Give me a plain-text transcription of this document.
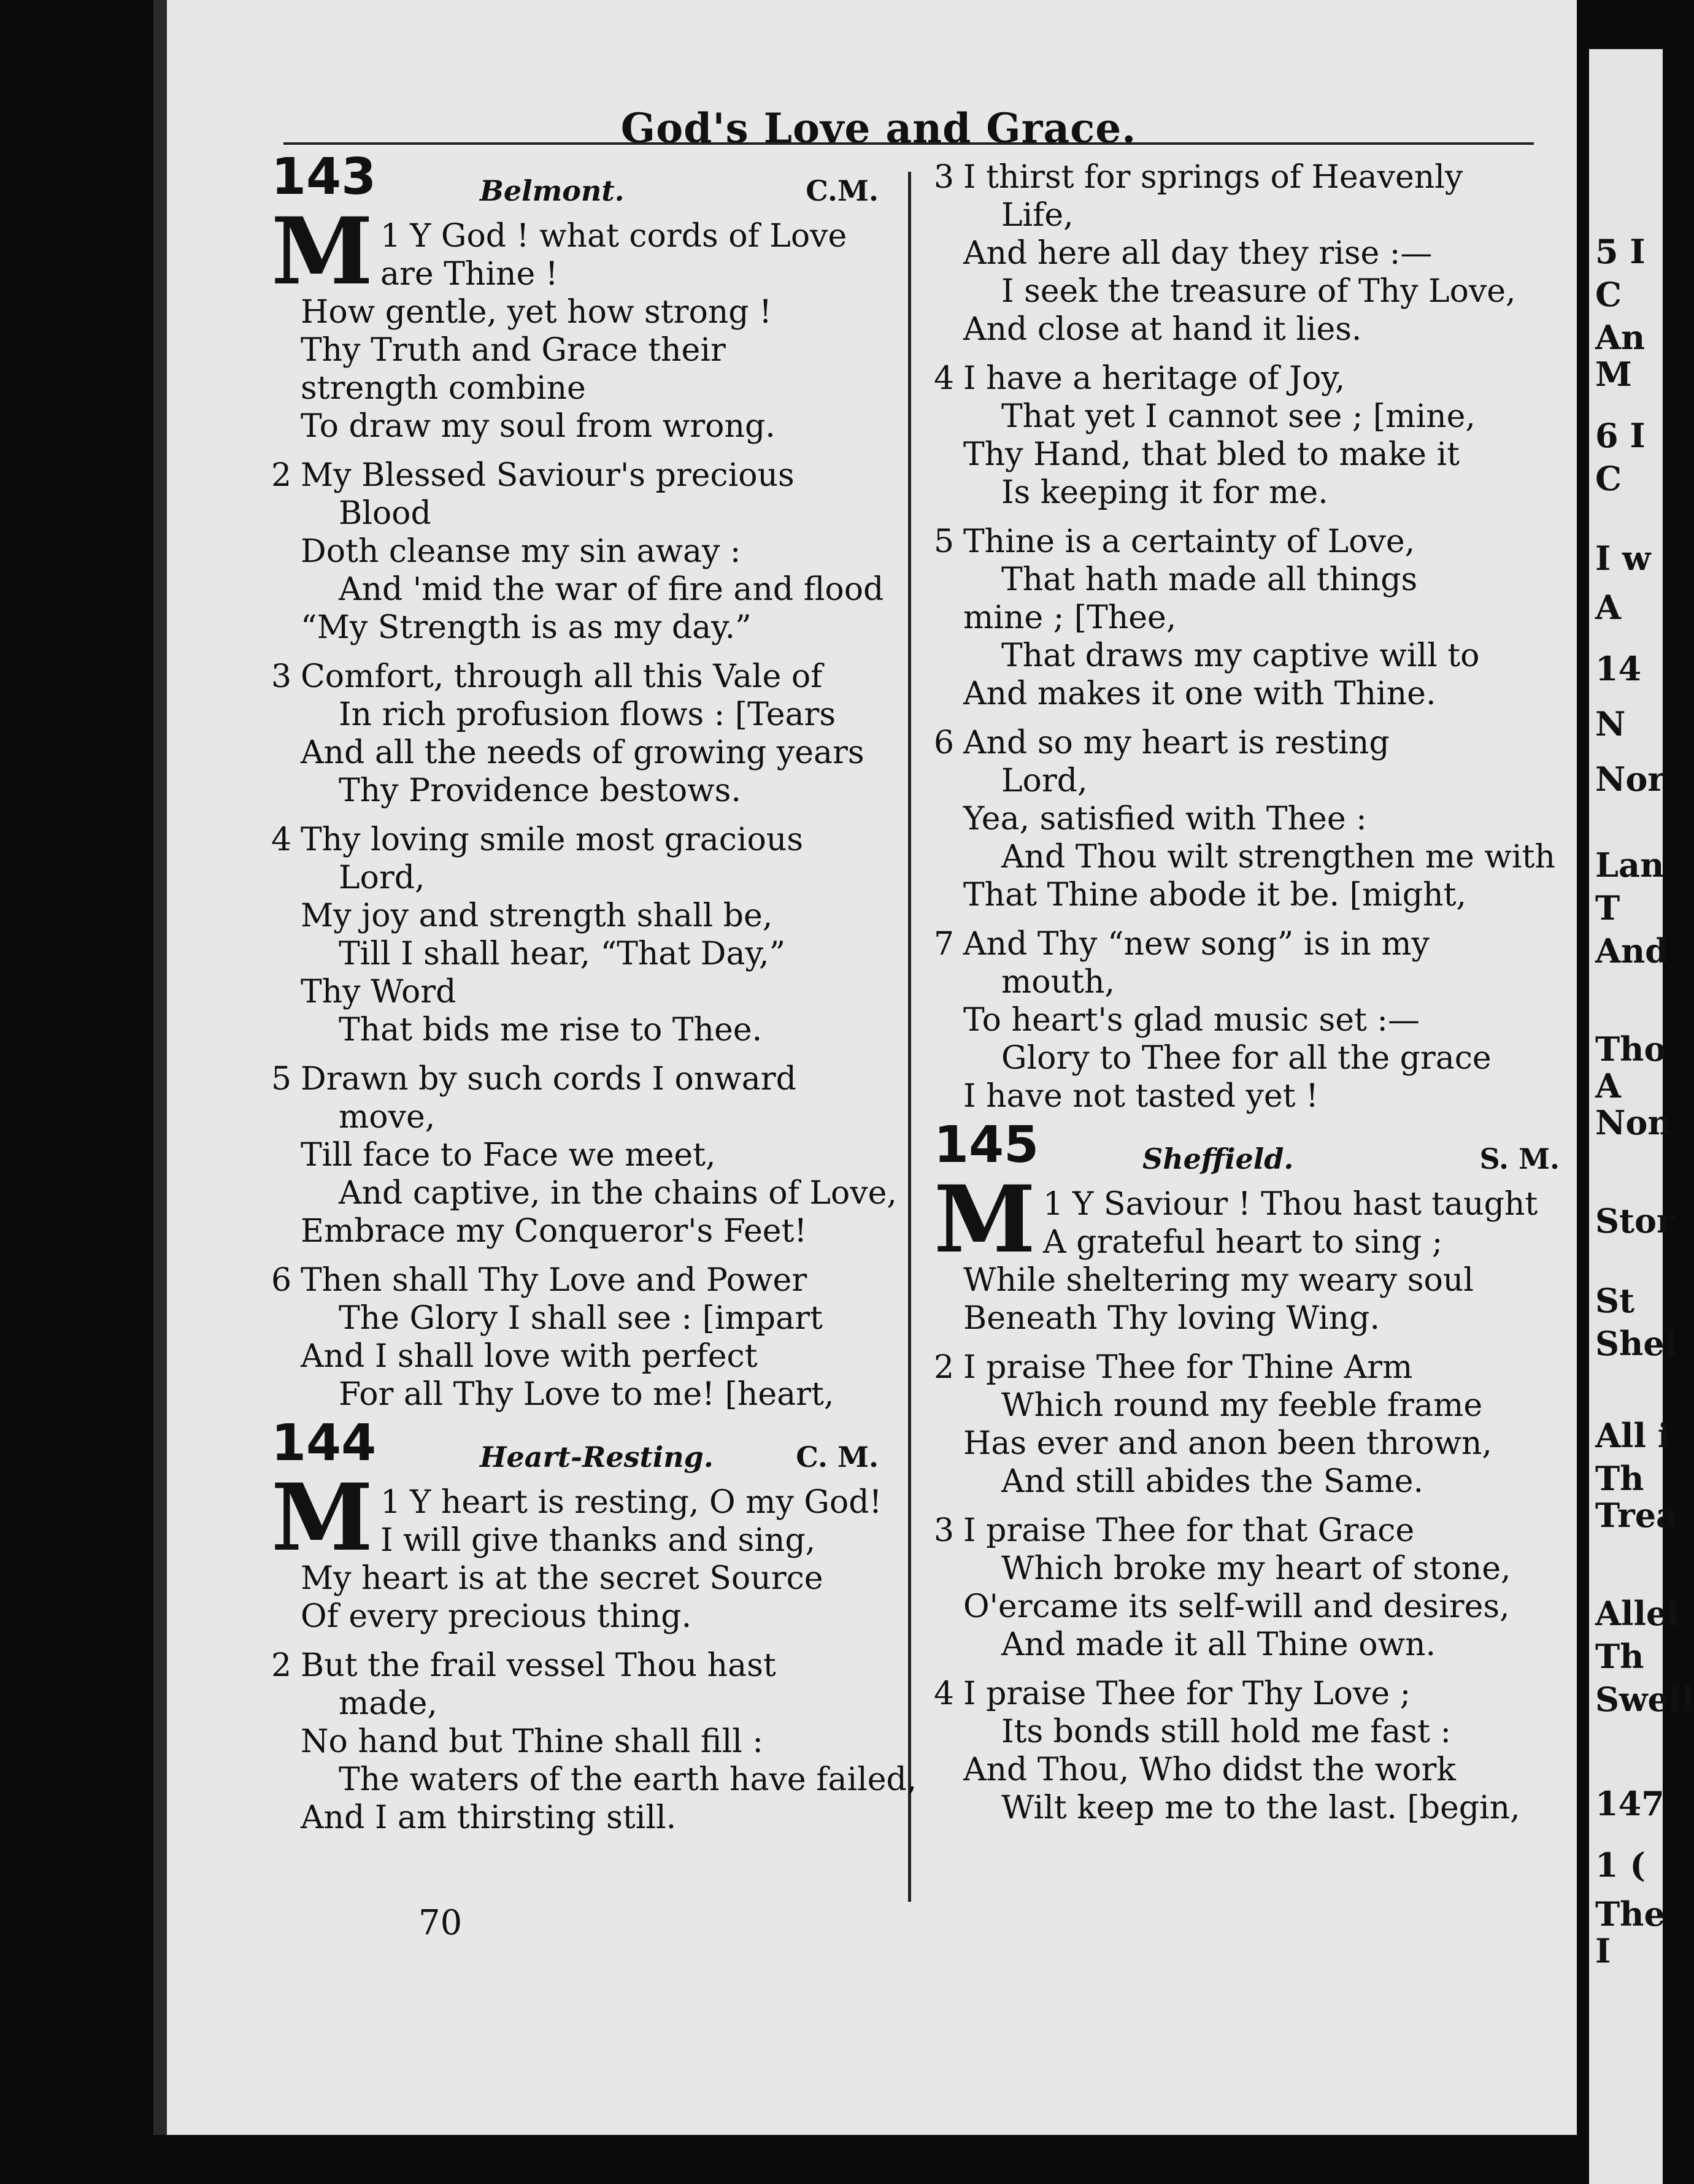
God's Love and Grace.
143	Belmont.	C.M.
1
M Y God ! what cords of Love
are Thine !
How gentle, yet how strong !
Thy Truth and Grace their
strength combine
To draw my soul from wrong.
2 My Blessed Saviour's precious
Blood
Doth cleanse my sin away :
And 'mid the war of fire and flood
“My Strength is as my day.”
3 Comfort, through all this Vale of
In rich profusion flows : [Tears
And all the needs of growing years
Thy Providence bestows.
4 Thy loving smile most gracious
Lord,
My joy and strength shall be,
Till I shall hear, “That Day,”
Thy Word
That bids me rise to Thee.
5 Drawn by such cords I onward
move,
Till face to Face we meet,
And captive, in the chains of Love,
Embrace my Conqueror's Feet!
6 Then shall Thy Love and Power
The Glory I shall see : [impart
And I shall love with perfect
For all Thy Love to me! [heart,
144	Heart-Resting.	C. M.
1
M Y heart is resting, O my God!
I will give thanks and sing,
My heart is at the secret Source
Of every precious thing.
2 But the frail vessel Thou hast
made,
No hand but Thine shall fill :
The waters of the earth have failed,
And I am thirsting still.
3 I thirst for springs of Heavenly
Life,
And here all day they rise :—
I seek the treasure of Thy Love,
And close at hand it lies.
4 I have a heritage of Joy,
That yet I cannot see ; [mine,
Thy Hand, that bled to make it
Is keeping it for me.
5 Thine is a certainty of Love,
That hath made all things
mine ; [Thee,
That draws my captive will to
And makes it one with Thine.
6 And so my heart is resting
Lord,
Yea, satisfied with Thee :
And Thou wilt strengthen me with
That Thine abode it be. [might,
7 And Thy “new song” is in my
mouth,
To heart's glad music set :—
Glory to Thee for all the grace
I have not tasted yet !
145	Sheffield.	S. M.
1
M Y Saviour ! Thou hast taught
A grateful heart to sing ;
While sheltering my weary soul
Beneath Thy loving Wing.
2 I praise Thee for Thine Arm
Which round my feeble frame
Has ever and anon been thrown,
And still abides the Same.
3 I praise Thee for that Grace
Which broke my heart of stone,
O'ercame its self-will and desires,
And made it all Thine own.
4 I praise Thee for Thy Love ;
Its bonds still hold me fast :
And Thou, Who didst the work
Wilt keep me to the last. [begin,
70
5 I
C
An
M
6 I
C
I w
A
14
N
Nor
Lan
T
And
Tho
A
Non
Stor
St
Shel
All i
Th
Trea
Allel
Th
Swell
147
1 (
The
I
